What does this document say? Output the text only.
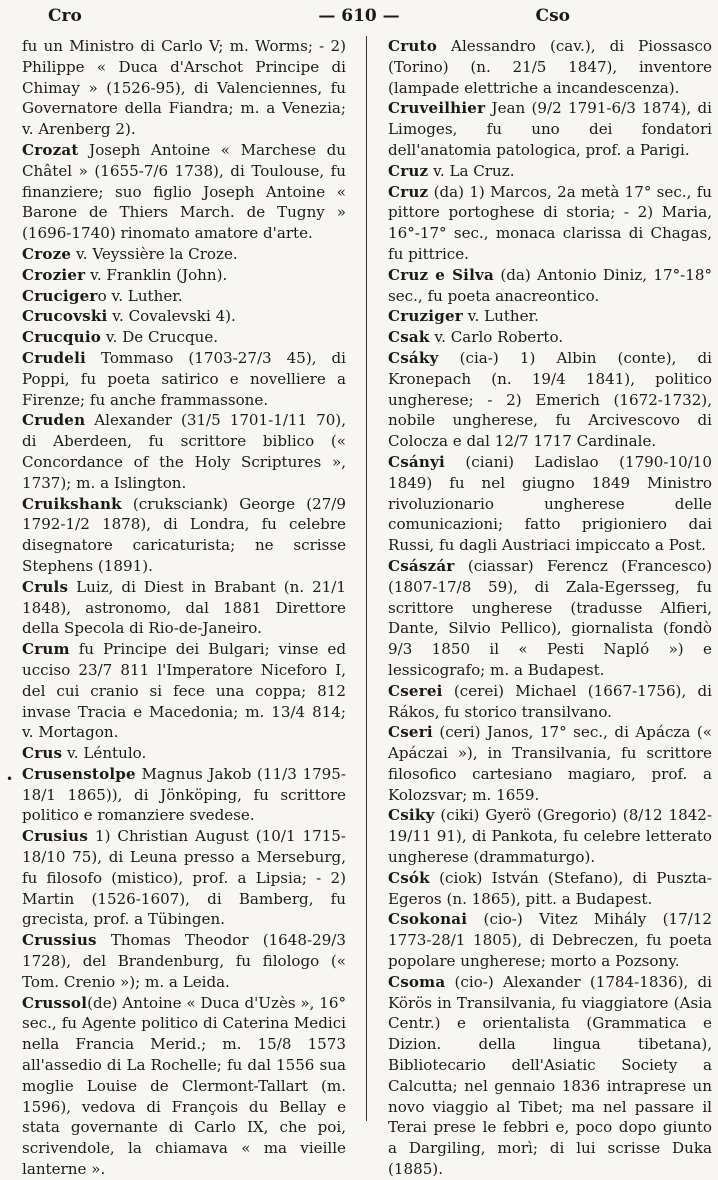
Cro	— 610 —	Cso

fu un Ministro di Carlo V; m. Worms; - 2) Philippe « Duca d'Arschot Principe di Chimay » (1526-95), di Valenciennes, fu Governatore della Fiandra; m. a Venezia; v. Arenberg 2).

Crozat Joseph Antoine « Marchese du Châtel » (1655-7/6 1738), di Toulouse, fu finanziere; suo figlio Joseph Antoine « Barone de Thiers March. de Tugny » (1696-1740) rinomato amatore d'arte.

Croze v. Veyssière la Croze.

Crozier v. Franklin (John).

Crucigero v. Luther.

Crucovski v. Covalevski 4).

Crucquio v. De Crucque.

Crudeli Tommaso (1703-27/3 45), di Poppi, fu poeta satirico e novelliere a Firenze; fu anche frammassone.

Cruden Alexander (31/5 1701-1/11 70), di Aberdeen, fu scrittore biblico (« Concordance of the Holy Scriptures », 1737); m. a Islington.

Cruikshank (cruksciank) George (27/9 1792-1/2 1878), di Londra, fu celebre disegnatore caricaturista; ne scrisse Stephens (1891).

Cruls Luiz, di Diest in Brabant (n. 21/1 1848), astronomo, dal 1881 Direttore della Specola di Rio-de-Janeiro.

Crum fu Principe dei Bulgari; vinse ed ucciso 23/7 811 l'Imperatore Niceforo I, del cui cranio si fece una coppa; 812 invase Tracia e Macedonia; m. 13/4 814; v. Mortagon.

Crus v. Léntulo.

Crusenstolpe Magnus Jakob (11/3 1795-18/1 1865)), di Jönköping, fu scrittore politico e romanziere svedese.

Crusius 1) Christian August (10/1 1715-18/10 75), di Leuna presso a Merseburg, fu filosofo (mistico), prof. a Lipsia; - 2) Martin (1526-1607), di Bamberg, fu grecista, prof. a Tübingen.

Crussius Thomas Theodor (1648-29/3 1728), del Brandenburg, fu filologo (« Tom. Crenio »); m. a Leida.

Crussol(de) Antoine « Duca d'Uzès », 16° sec., fu Agente politico di Caterina Medici nella Francia Merid.; m. 15/8 1573 all'assedio di La Rochelle; fu dal 1556 sua moglie Louise de Clermont-Tallart (m. 1596), vedova di François du Bellay e stata governante di Carlo IX, che poi, scrivendole, la chiamava « ma vieille lanterne ».

Cruto Alessandro (cav.), di Piossasco (Torino) (n. 21/5 1847), inventore (lampade elettriche a incandescenza).

Cruveilhier Jean (9/2 1791-6/3 1874), di Limoges, fu uno dei fondatori dell'anatomia patologica, prof. a Parigi.

Cruz v. La Cruz.

Cruz (da) 1) Marcos, 2a metà 17° sec., fu pittore portoghese di storia; - 2) Maria, 16°-17° sec., monaca clarissa di Chagas, fu pittrice.

Cruz e Silva (da) Antonio Diniz, 17°-18° sec., fu poeta anacreontico.

Cruziger v. Luther.

Csak v. Carlo Roberto.

Csáky (cia-) 1) Albin (conte), di Kronepach (n. 19/4 1841), politico ungherese; - 2) Emerich (1672-1732), nobile ungherese, fu Arcivescovo di Colocza e dal 12/7 1717 Cardinale.

Csányi (ciani) Ladislao (1790-10/10 1849) fu nel giugno 1849 Ministro rivoluzionario ungherese delle comunicazioni; fatto prigioniero dai Russi, fu dagli Austriaci impiccato a Post.

Császár (ciassar) Ferencz (Francesco) (1807-17/8 59), di Zala-Egersseg, fu scrittore ungherese (tradusse Alfieri, Dante, Silvio Pellico), giornalista (fondò 9/3 1850 il « Pesti Napló ») e lessicografo; m. a Budapest.

Cserei (cerei) Michael (1667-1756), di Rákos, fu storico transilvano.

Cseri (ceri) Janos, 17° sec., di Apácza (« Apáczai »), in Transilvania, fu scrittore filosofico cartesiano magiaro, prof. a Kolozsvar; m. 1659.

Csiky (ciki) Gyerö (Gregorio) (8/12 1842-19/11 91), di Pankota, fu celebre letterato ungherese (drammaturgo).

Csók (ciok) István (Stefano), di Puszta-Egeros (n. 1865), pitt. a Budapest.

Csokonai (cio-) Vitez Mihály (17/12 1773-28/1 1805), di Debreczen, fu poeta popolare ungherese; morto a Pozsony.

Csoma (cio-) Alexander (1784-1836), di Körös in Transilvania, fu viaggiatore (Asia Centr.) e orientalista (Grammatica e Dizion. della lingua tibetana), Bibliotecario dell'Asiatic Society a Calcutta; nel gennaio 1836 intraprese un novo viaggio al Tibet; ma nel passare il Terai prese le febbri e, poco dopo giunto a Dargiling, morì; di lui scrisse Duka (1885).

•
